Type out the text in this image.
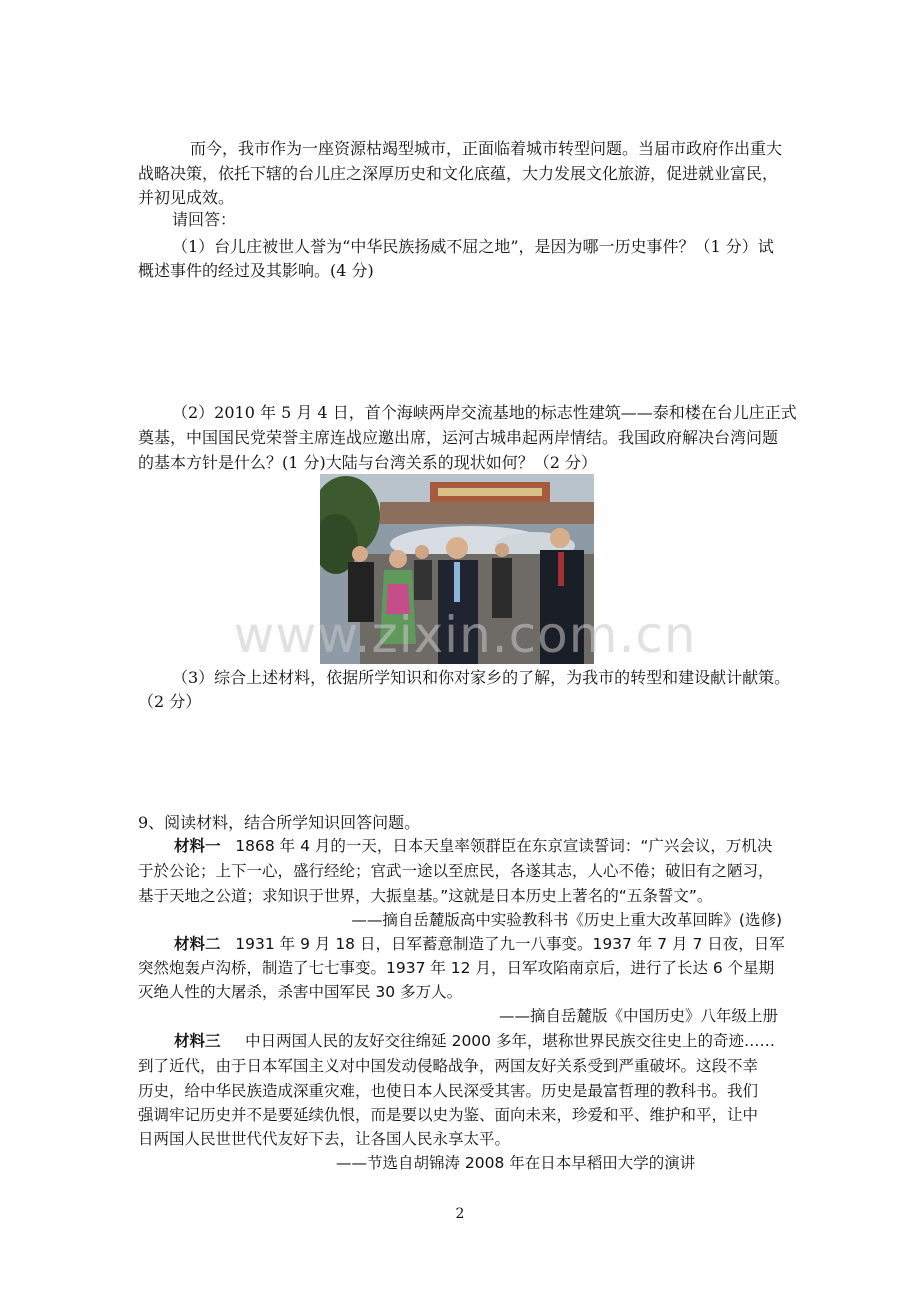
而今，我市作为一座资源枯竭型城市，正面临着城市转型问题。当届市政府作出重大
战略决策，依托下辖的台儿庄之深厚历史和文化底蕴，大力发展文化旅游，促进就业富民，
并初见成效。
请回答：
（1）台儿庄被世人誉为“中华民族扬威不屈之地”，是因为哪一历史事件？（1 分）试
概述事件的经过及其影响。(4 分)
（2）2010 年 5 月 4 日，首个海峡两岸交流基地的标志性建筑——泰和楼在台儿庄正式
奠基，中国国民党荣誉主席连战应邀出席，运河古城串起两岸情结。我国政府解决台湾问题
的基本方针是什么？(1 分)大陆与台湾关系的现状如何？（2 分）
（3）综合上述材料，依据所学知识和你对家乡的了解，为我市的转型和建设献计献策。
（2 分）
9、阅读材料，结合所学知识回答问题。
材料一 1868 年 4 月的一天，日本天皇率领群臣在东京宣读誓词：“广兴会议，万机决
于於公论；上下一心，盛行经纶；官武一途以至庶民，各遂其志，人心不倦；破旧有之陋习，
基于天地之公道；求知识于世界，大振皇基。”这就是日本历史上著名的“五条誓文”。
——摘自岳麓版高中实验教科书《历史上重大改革回眸》(选修)
材料二 1931 年 9 月 18 日，日军蓄意制造了九一八事变。1937 年 7 月 7 日夜，日军
突然炮轰卢沟桥，制造了七七事变。1937 年 12 月，日军攻陷南京后，进行了长达 6 个星期
灭绝人性的大屠杀，杀害中国军民 30 多万人。
——摘自岳麓版《中国历史》八年级上册
材料三 中日两国人民的友好交往绵延 2000 多年，堪称世界民族交往史上的奇迹……
到了近代，由于日本军国主义对中国发动侵略战争，两国友好关系受到严重破坏。这段不幸
历史，给中华民族造成深重灾难，也使日本人民深受其害。历史是最富哲理的教科书。我们
强调牢记历史并不是要延续仇恨，而是要以史为鉴、面向未来，珍爱和平、维护和平，让中
日两国人民世世代代友好下去，让各国人民永享太平。
——节选自胡锦涛 2008 年在日本早稻田大学的演讲
www.zixin.com.cn
2
